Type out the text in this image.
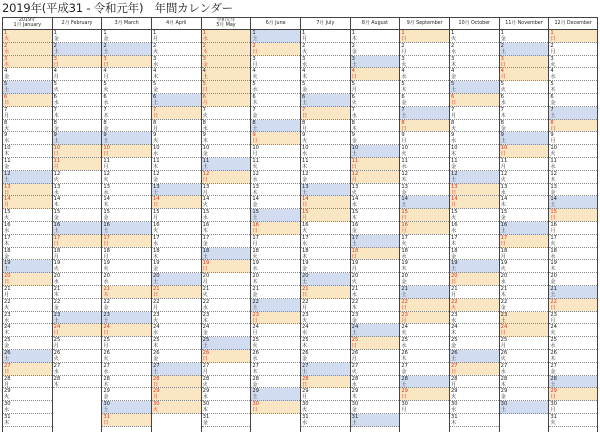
2019年(平成31 - 令和元年)　年間カレンダー
2019年
1月 January
1
火
2
水
3
木
4
金
5
土
6
日
7
月
8
火
9
水
10
木
11
金
12
土
13
日
14
月
15
火
16
水
17
木
18
金
19
土
20
日
21
月
22
火
23
水
24
木
25
金
26
土
27
日
28
月
29
火
30
水
31
木
2月 February
1
金
2
土
3
日
4
月
5
火
6
水
7
木
8
金
9
土
10
日
11
月
12
火
13
水
14
木
15
金
16
土
17
日
18
月
19
火
20
水
21
木
22
金
23
土
24
日
25
月
26
火
27
水
28
木
3月 March
1
金
2
土
3
日
4
月
5
火
6
水
7
木
8
金
9
土
10
日
11
月
12
火
13
水
14
木
15
金
16
土
17
日
18
月
19
火
20
水
21
木
22
金
23
土
24
日
25
月
26
火
27
水
28
木
29
金
30
土
31
日
4月 April
1
月
2
火
3
水
4
木
5
金
6
土
7
日
8
月
9
火
10
水
11
木
12
金
13
土
14
日
15
月
16
火
17
水
18
木
19
金
20
土
21
日
22
月
23
火
24
水
25
木
26
金
27
土
28
日
29
月
30
火
令和元年
5月 May
1
水
2
木
3
金
4
土
5
日
6
月
7
火
8
水
9
木
10
金
11
土
12
日
13
月
14
火
15
水
16
木
17
金
18
土
19
日
20
月
21
火
22
水
23
木
24
金
25
土
26
日
27
月
28
火
29
水
30
木
31
金
6月 June
1
土
2
日
3
月
4
火
5
水
6
木
7
金
8
土
9
日
10
月
11
火
12
水
13
木
14
金
15
土
16
日
17
月
18
火
19
水
20
木
21
金
22
土
23
日
24
月
25
火
26
水
27
木
28
金
29
土
30
日
7月 July
1
月
2
火
3
水
4
木
5
金
6
土
7
日
8
月
9
火
10
水
11
木
12
金
13
土
14
日
15
月
16
火
17
水
18
木
19
金
20
土
21
日
22
月
23
火
24
水
25
木
26
金
27
土
28
日
29
月
30
火
31
水
8月 August
1
木
2
金
3
土
4
日
5
月
6
火
7
水
8
木
9
金
10
土
11
日
12
月
13
火
14
水
15
木
16
金
17
土
18
日
19
月
20
火
21
水
22
木
23
金
24
土
25
日
26
月
27
火
28
水
29
木
30
金
31
土
9月 September
1
日
2
月
3
火
4
水
5
木
6
金
7
土
8
日
9
月
10
火
11
水
12
木
13
金
14
土
15
日
16
月
17
火
18
水
19
木
20
金
21
土
22
日
23
月
24
火
25
水
26
木
27
金
28
土
29
日
30
月
10月 October
1
火
2
水
3
木
4
金
5
土
6
日
7
月
8
火
9
水
10
木
11
金
12
土
13
日
14
月
15
火
16
水
17
木
18
金
19
土
20
日
21
月
22
火
23
水
24
木
25
金
26
土
27
日
28
月
29
火
30
水
31
木
11月 November
1
金
2
土
3
日
4
月
5
火
6
水
7
木
8
金
9
土
10
日
11
月
12
火
13
水
14
木
15
金
16
土
17
日
18
月
19
火
20
水
21
木
22
金
23
土
24
日
25
月
26
火
27
水
28
木
29
金
30
土
12月 December
1
日
2
月
3
火
4
水
5
木
6
金
7
土
8
日
9
月
10
火
11
水
12
木
13
金
14
土
15
日
16
月
17
火
18
水
19
木
20
金
21
土
22
日
23
月
24
火
25
水
26
木
27
金
28
土
29
日
30
月
31
火
